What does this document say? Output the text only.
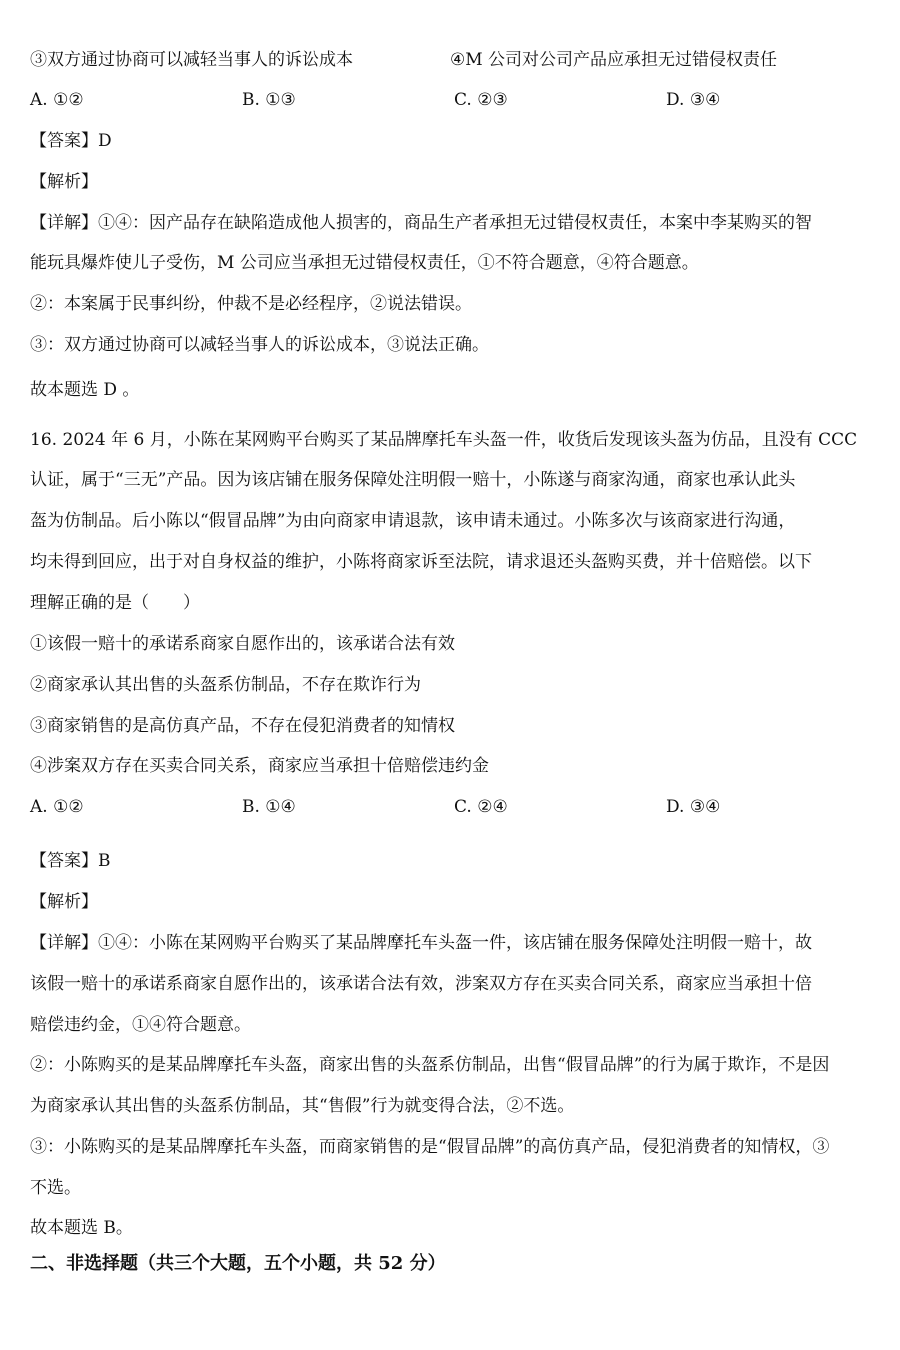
③双方通过协商可以减轻当事人的诉讼成本	④M 公司对公司产品应承担无过错侵权责任
A. ①②	B. ①③	C. ②③	D. ③④
【答案】D
【解析】
【详解】①④：因产品存在缺陷造成他人损害的，商品生产者承担无过错侵权责任，本案中李某购买的智
能玩具爆炸使儿子受伤，M 公司应当承担无过错侵权责任，①不符合题意，④符合题意。
②：本案属于民事纠纷，仲裁不是必经程序，②说法错误。
③：双方通过协商可以减轻当事人的诉讼成本，③说法正确。
故本题选 D 。
16. 2024 年 6 月，小陈在某网购平台购买了某品牌摩托车头盔一件，收货后发现该头盔为仿品，且没有 CCC
认证，属于“三无”产品。因为该店铺在服务保障处注明假一赔十，小陈遂与商家沟通，商家也承认此头
盔为仿制品。后小陈以“假冒品牌”为由向商家申请退款，该申请未通过。小陈多次与该商家进行沟通，
均未得到回应，出于对自身权益的维护，小陈将商家诉至法院，请求退还头盔购买费，并十倍赔偿。以下
理解正确的是（　　）
①该假一赔十的承诺系商家自愿作出的，该承诺合法有效
②商家承认其出售的头盔系仿制品，不存在欺诈行为
③商家销售的是高仿真产品，不存在侵犯消费者的知情权
④涉案双方存在买卖合同关系，商家应当承担十倍赔偿违约金
A. ①②	B. ①④	C. ②④	D. ③④
【答案】B
【解析】
【详解】①④：小陈在某网购平台购买了某品牌摩托车头盔一件，该店铺在服务保障处注明假一赔十，故
该假一赔十的承诺系商家自愿作出的，该承诺合法有效，涉案双方存在买卖合同关系，商家应当承担十倍
赔偿违约金，①④符合题意。
②：小陈购买的是某品牌摩托车头盔，商家出售的头盔系仿制品，出售“假冒品牌”的行为属于欺诈，不是因
为商家承认其出售的头盔系仿制品，其“售假”行为就变得合法，②不选。
③：小陈购买的是某品牌摩托车头盔，而商家销售的是“假冒品牌”的高仿真产品，侵犯消费者的知情权，③
不选。
故本题选 B。
二、非选择题（共三个大题，五个小题，共 52 分）
